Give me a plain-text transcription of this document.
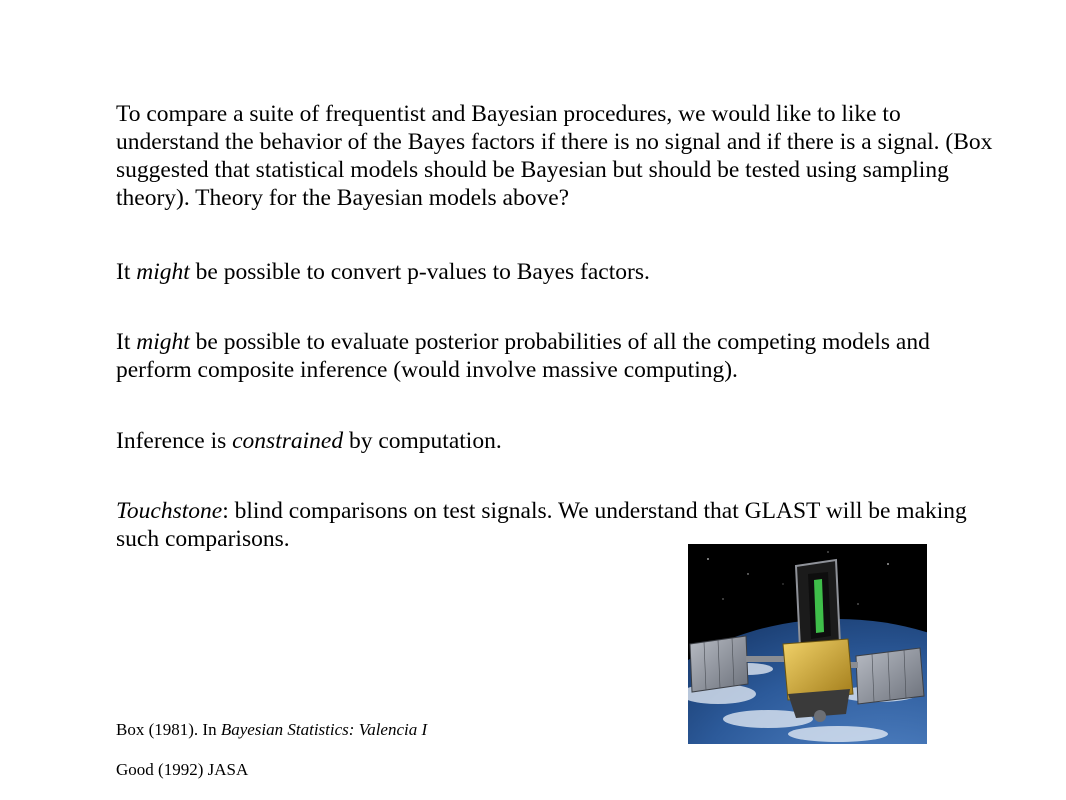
To compare a suite of frequentist and Bayesian procedures, we would like to like to understand the behavior of the Bayes factors if there is no signal and if there is a signal. (Box suggested that statistical models should be Bayesian but should be tested using sampling theory). Theory for the Bayesian models above?

It might be possible to convert p-values to Bayes factors.

It might be possible to evaluate posterior probabilities of all the competing models and perform composite inference (would involve massive computing).

Inference is constrained by computation.

Touchstone: blind comparisons on test signals. We understand that GLAST will be making such comparisons.

Box (1981). In Bayesian Statistics: Valencia I

Good (1992) JASA
